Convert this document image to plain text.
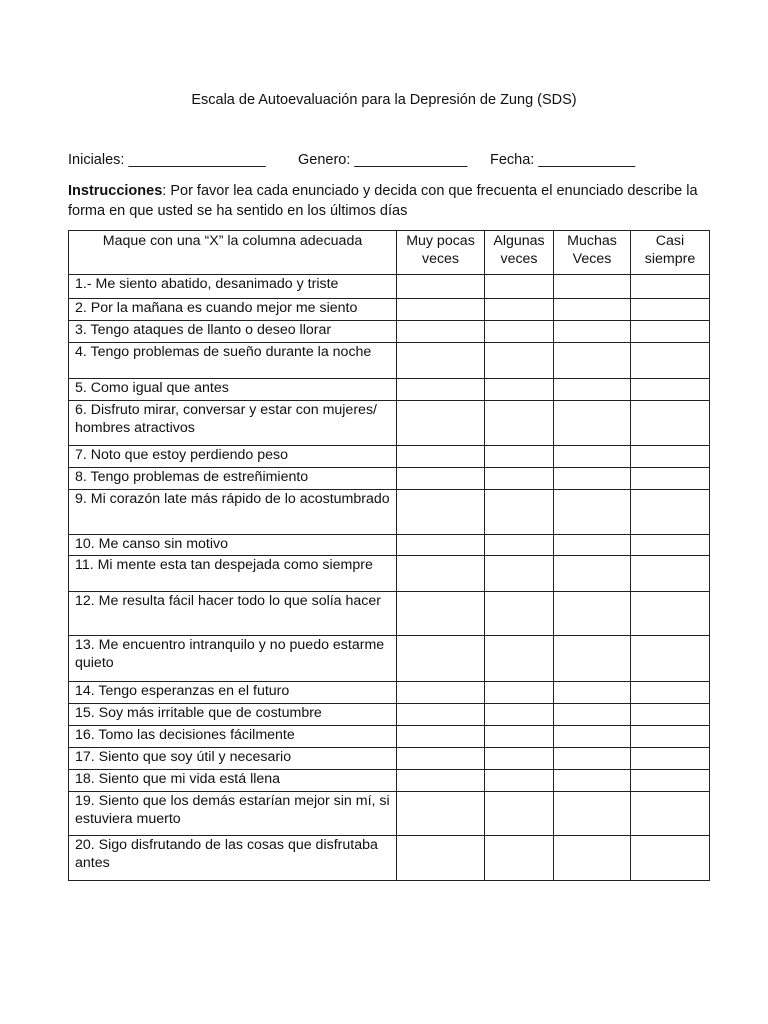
Escala de Autoevaluación para la Depresión de Zung (SDS)
Iniciales: _________________ Genero: ______________ Fecha: ____________
Instrucciones: Por favor lea cada enunciado y decida con que frecuenta el enunciado describe la forma en que usted se ha sentido en los últimos días
Maque con una “X” la columna adecuada	Muy pocas veces	Algunas veces	Muchas Veces	Casi siempre
1.- Me siento abatido, desanimado y triste				
2. Por la mañana es cuando mejor me siento				
3. Tengo ataques de llanto o deseo llorar				
4. Tengo problemas de sueño durante la noche				
5. Como igual que antes				
6. Disfruto mirar, conversar y estar con mujeres/ hombres atractivos				
7. Noto que estoy perdiendo peso				
8. Tengo problemas de estreñimiento				
9. Mi corazón late más rápido de lo acostumbrado				
10. Me canso sin motivo				
11. Mi mente esta tan despejada como siempre				
12. Me resulta fácil hacer todo lo que solía hacer				
13. Me encuentro intranquilo y no puedo estarme quieto				
14. Tengo esperanzas en el futuro				
15. Soy más irritable que de costumbre				
16. Tomo las decisiones fácilmente				
17. Siento que soy útil y necesario				
18. Siento que mi vida está llena				
19. Siento que los demás estarían mejor sin mí, si estuviera muerto				
20. Sigo disfrutando de las cosas que disfrutaba antes				
